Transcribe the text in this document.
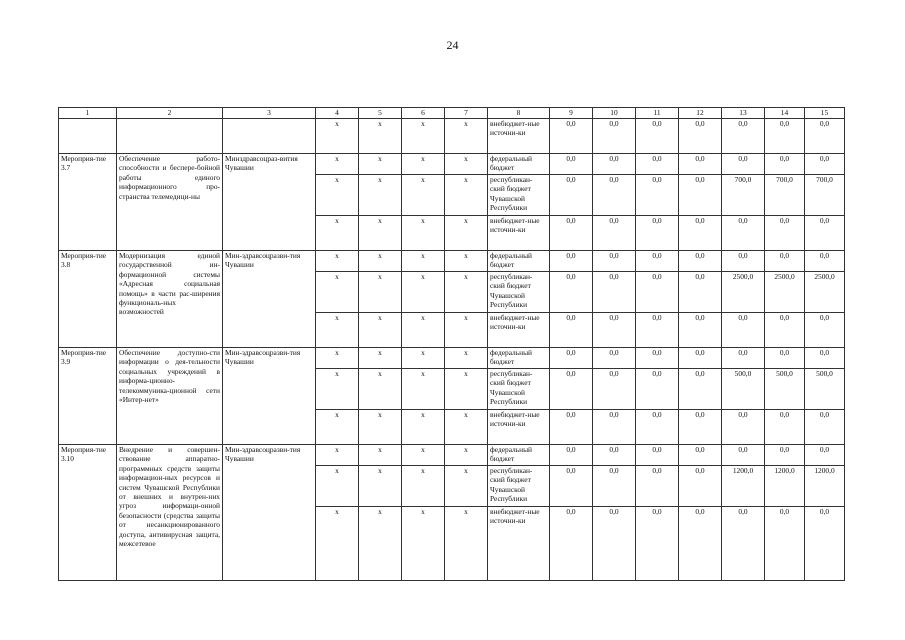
24
1	2	3	4	5	6	7	8	9	10	11	12	13	14	15
			x	x	x	x	внебюджет-ные источни-ки	0,0	0,0	0,0	0,0	0,0	0,0	0,0
Мероприя-тие 3.7	Обеспечение работо-способности и беспере-бойной работы единого информационного про-странства телемедици-ны	Минздравсоцраз-вития Чувашии	x	x	x	x	федеральный бюджет	0,0	0,0	0,0	0,0	0,0	0,0	0,0
			x	x	x	x	республикан-ский бюджет Чувашской Республики	0,0	0,0	0,0	0,0	700,0	700,0	700,0
			x	x	x	x	внебюджет-ные источни-ки	0,0	0,0	0,0	0,0	0,0	0,0	0,0
Мероприя-тие 3.8	Модернизация единой государственной ин-формационной системы «Адресная социальная помощь» в части рас-ширения функциональ-ных возможностей	Мин-здравсоцразви-тия Чувашии	x	x	x	x	федеральный бюджет	0,0	0,0	0,0	0,0	0,0	0,0	0,0
			x	x	x	x	республикан-ский бюджет Чувашской Республики	0,0	0,0	0,0	0,0	2500,0	2500,0	2500,0
			x	x	x	x	внебюджет-ные источни-ки	0,0	0,0	0,0	0,0	0,0	0,0	0,0
Мероприя-тие 3.9	Обеспечение доступно-сти информации о дея-тельности социальных учреждений в информа-ционно-телекоммуника-ционной сети «Интер-нет»	Мин-здравсоцразви-тия Чувашии	x	x	x	x	федеральный бюджет	0,0	0,0	0,0	0,0	0,0	0,0	0,0
			x	x	x	x	республикан-ский бюджет Чувашской Республики	0,0	0,0	0,0	0,0	500,0	500,0	500,0
			x	x	x	x	внебюджет-ные источни-ки	0,0	0,0	0,0	0,0	0,0	0,0	0,0
Мероприя-тие 3.10	Внедрение и совершен-ствование аппаратно-программных средств защиты информацион-ных ресурсов и систем Чувашской Республики от внешних и внутрен-них угроз информаци-онной безопасности (средства защиты от несанкционированного доступа, антивирусная защита, межсетевое	Мин-здравсоцразви-тия Чувашии	x	x	x	x	федеральный бюджет	0,0	0,0	0,0	0,0	0,0	0,0	0,0
			x	x	x	x	республикан-ский бюджет Чувашской Республики	0,0	0,0	0,0	0,0	1200,0	1200,0	1200,0
			x	x	x	x	внебюджет-ные источни-ки	0,0	0,0	0,0	0,0	0,0	0,0	0,0
